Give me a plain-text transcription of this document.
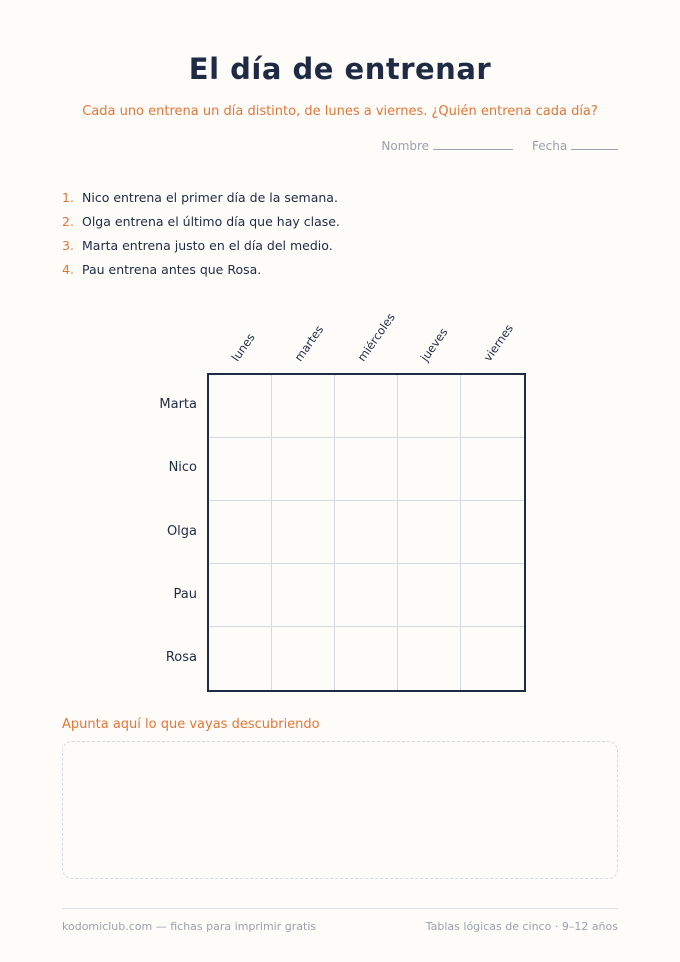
El día de entrenar
Cada uno entrena un día distinto, de lunes a viernes. ¿Quién entrena cada día?
Nombre	Fecha
1. Nico entrena el primer día de la semana.
2. Olga entrena el último día que hay clase.
3. Marta entrena justo en el día del medio.
4. Pau entrena antes que Rosa.
lunes	martes miércoles jueves	viernes
Marta
Nico
Olga
Pau
Rosa
Apunta aquí lo que vayas descubriendo
kodomiclub.com — fichas para imprimir gratis	Tablas lógicas de cinco · 9–12 años
